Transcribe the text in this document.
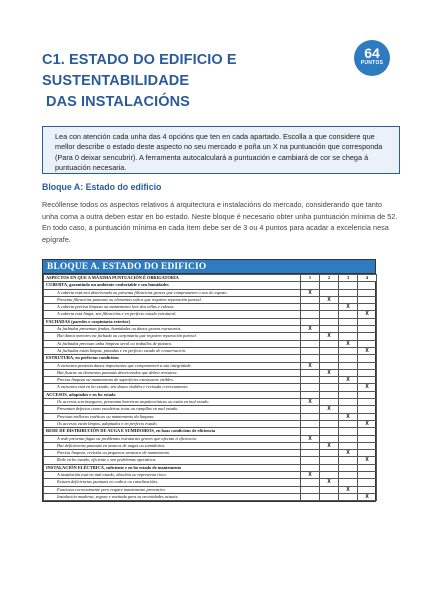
C1. ESTADO DO EDIFICIO E SUSTENTABILIDADE
DAS INSTALACIÓNS
64
PUNTOS

Lea con atención cada unha das 4 opcións que ten en cada apartado. Escolla a que considere que mellor describe o estado deste aspecto no seu mercado e poña un X na puntuación que corresponda (Para 0 deixar sencubrir). A ferramenta autocalculará a puntuación e cambiará de cor se chega á puntuación necesaria.

Bloque A: Estado do edificio

Recóllense todos os aspectos relativos á arquitectura e instalacións do mercado, considerando que tanto unha coma a outra deben estar en bo estado. Neste bloque é necesario obter unha puntuación mínima de 52. En todo caso, a puntuación mínima en cada ítem debe ser de 3 ou 4 puntos para acadar a excelencia nesa epígrafe.

BLOQUE A. ESTADO DO EDIFICIO
ASPECTOS EN QUE A MÁXIMA PUNTUACIÓN É OBRIGATORIA	1	2	3	4
CUBERTA, garantindo un ambiente confortable e sen humidades				
A cuberta está moi deteriorada ou presenta filtracións graves que comprometen o uso do espazo.	X			
Presenta filtracións puntuais ou elementos soltos que requiren reparación parcial.		X		
A cuberta precisa limpeza ou mantemento leve dos tellas e caletas.			X	
A cuberta está limpa, sen filtracións e en perfecto estado estrutural.				X
FACHADAS (paredes e carpintaría exterior)				
As fachadas presentan fendas, humidades ou danos graves estruturais.	X			
Hai danos menores na fachada ou carpintaría que requiren reparación parcial.		X		
As fachadas precisan unha limpeza xeral ou traballos de pintura.			X	
As fachadas están limpas, pintadas e en perfecto estado de conservación.				X
ESTRUTURA, en perfectas condicións				
A estrutura presenta danos importantes que comprometen a súa integridade.	X			
Hai fisuras ou elementos puntuais deteriorados que deben revisarse.		X		
Precisa limpeza ou mantemento de superficies estruturais visibles.			X	
A estrutura está en bo estado, sen danos visibles e revisada correctamente.				X
ACCESOS, adaptados e en bo estado				
Os accesos son inseguros, presentan barreiras arquitectónicas ou están en mal estado.	X			
Presentan defectos como escaleiras rotas ou rampllas en mal estado.		X		
Precisan melloras estéticas ou mantemento da limpeza.			X	
Os accesos están limpos, adaptados e en perfecto estado.				X
REDE DE DISTRIBUCIÓN DE AUGA E SUMIDOIROS, en boas condicións de eficiencia				
A rede presenta fugas ou problemas estruturais graves que afectan á eficiencia.	X			
Hai deficiencias puntuais en atascos de augas ou sumidoiros.		X		
Precisa limpeza, revisión ou pequenos arranxos de mantemento.			X	
Rede en bo estado, eficiente e sen problemas operativos.				X
INSTALACIÓN ELÉCTRICA, suficiente e en bo estado de mantemento				
A instalación está en mal estado, obsoleta ou representa risco.	X			
Existen deficiencias puntuais en cadros ou canalizacións.		X		
Funciona correctamente pero require mantemento preventivo.			X	
Instalación moderna, segura e axeitada para as necesidades actuais.				X
